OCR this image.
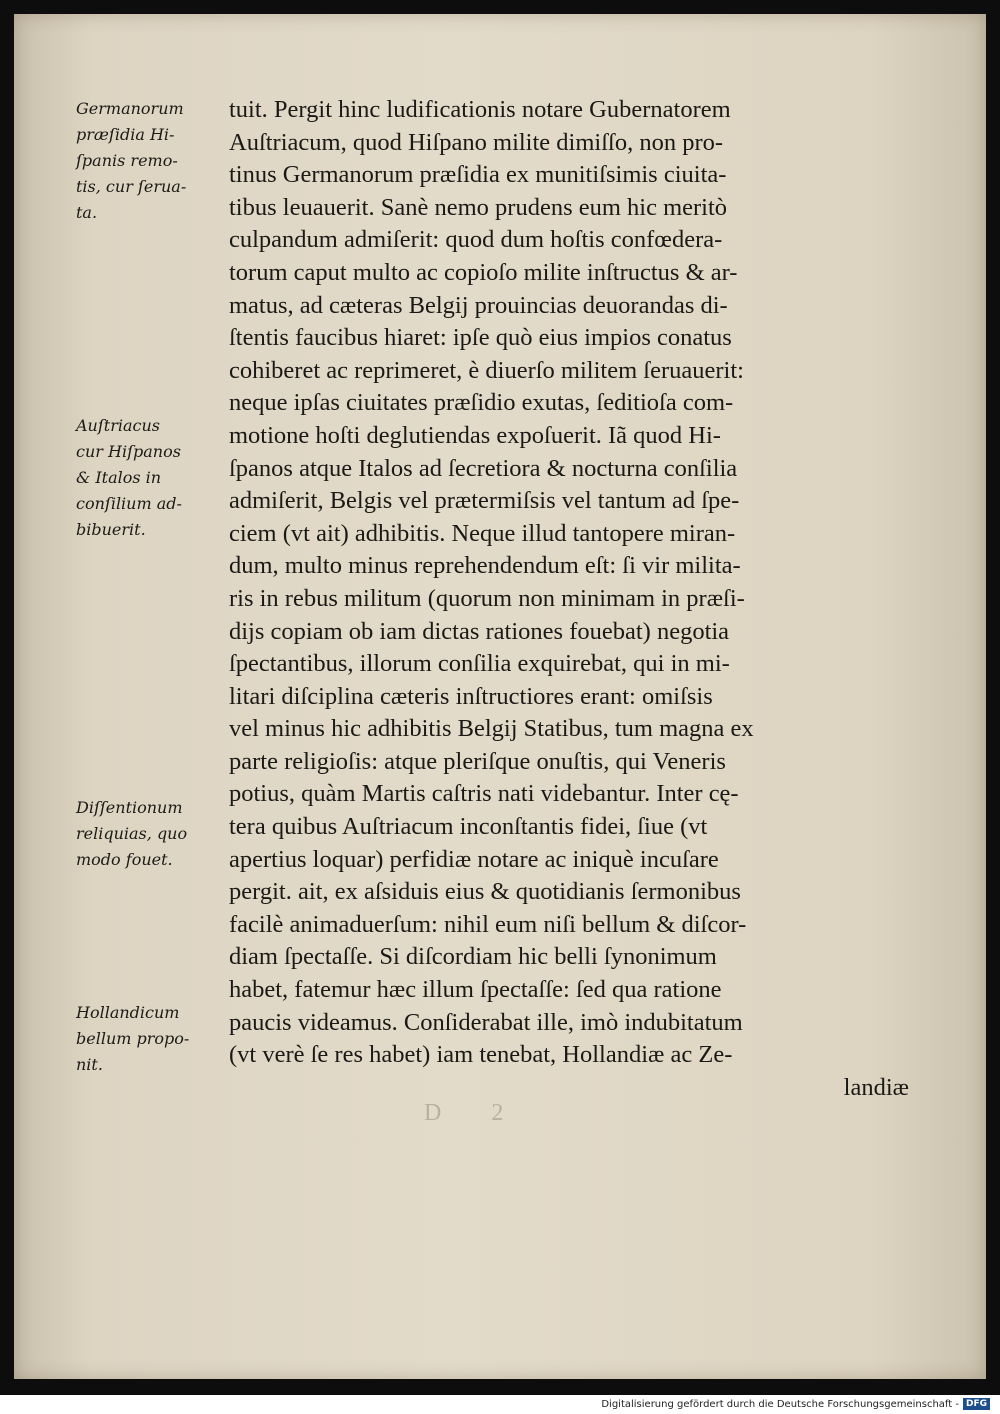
Germanorum
præſidia Hi-
ſpanis remo-
tis, cur ſerua-
ta.
Auſtriacus
cur Hiſpanos
& Italos in
conſilium ad-
bibuerit.
Diſſentionum
reliquias, quo
modo fouet.
Hollandicum
bellum propo-
nit.
tuit. Pergit hinc ludificationis notare Gubernatorem
Auſtriacum, quod Hiſpano milite dimiſſo, non pro-
tinus Germanorum præſidia ex munitiſsimis ciuita-
tibus leuauerit. Sanè nemo prudens eum hic meritò
culpandum admiſerit: quod dum hoſtis confœdera-
torum caput multo ac copioſo milite inſtructus & ar-
matus, ad cæteras Belgij prouincias deuorandas di-
ſtentis faucibus hiaret: ipſe quò eius impios conatus
cohiberet ac reprimeret, è diuerſo militem ſeruauerit:
neque ipſas ciuitates præſidio exutas, ſeditioſa com-
motione hoſti deglutiendas expoſuerit. Iã quod Hi-
ſpanos atque Italos ad ſecretiora & nocturna conſilia
admiſerit, Belgis vel prætermiſsis vel tantum ad ſpe-
ciem (vt ait) adhibitis. Neque illud tantopere miran-
dum, multo minus reprehendendum eſt: ſi vir milita-
ris in rebus militum (quorum non minimam in præſi-
dijs copiam ob iam dictas rationes fouebat) negotia
ſpectantibus, illorum conſilia exquirebat, qui in mi-
litari diſciplina cæteris inſtructiores erant: omiſsis
vel minus hic adhibitis Belgij Statibus, tum magna ex
parte religioſis: atque pleriſque onuſtis, qui Veneris
potius, quàm Martis caſtris nati videbantur. Inter cę-
tera quibus Auſtriacum inconſtantis fidei, ſiue (vt
apertius loquar) perfidiæ notare ac iniquè incuſare
pergit. ait, ex aſsiduis eius & quotidianis ſermonibus
facilè animaduerſum: nihil eum niſi bellum & diſcor-
diam ſpectaſſe. Si diſcordiam hic belli ſynonimum
habet, fatemur hæc illum ſpectaſſe: ſed qua ratione
paucis videamus. Conſiderabat ille, imò indubitatum
(vt verè ſe res habet) iam tenebat, Hollandiæ ac Ze-
landiæ
D 2
Digitalisierung gefördert durch die Deutsche Forschungsgemeinschaft - DFG
